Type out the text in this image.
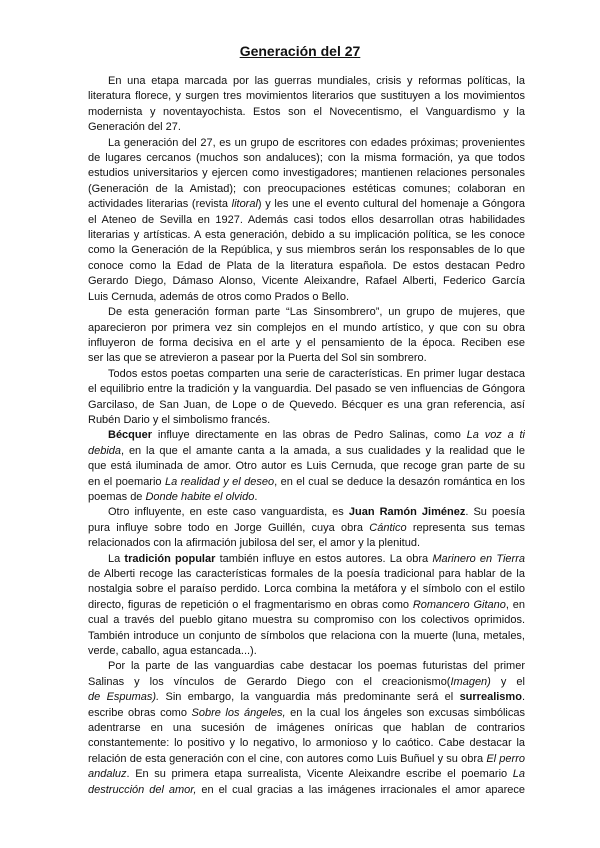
Generación del 27
En una etapa marcada por las guerras mundiales, crisis y reformas políticas, la
literatura florece, y surgen tres movimientos literarios que sustituyen a los movimientos
modernista y noventayochista. Estos son el Novecentismo, el Vanguardismo y la
Generación del 27.
La generación del 27, es un grupo de escritores con edades próximas; provenientes
de lugares cercanos (muchos son andaluces); con la misma formación, ya que todos
estudios universitarios y ejercen como investigadores; mantienen relaciones personales
(Generación de la Amistad); con preocupaciones estéticas comunes; colaboran en
actividades literarias (revista litoral) y les une el evento cultural del homenaje a Góngora
el Ateneo de Sevilla en 1927. Además casi todos ellos desarrollan otras habilidades
literarias y artísticas. A esta generación, debido a su implicación política, se les conoce
como la Generación de la República, y sus miembros serán los responsables de lo que
conoce como la Edad de Plata de la literatura española. De estos destacan Pedro
Gerardo Diego, Dámaso Alonso, Vicente Aleixandre, Rafael Alberti, Federico García
Luis Cernuda, además de otros como Prados o Bello.
De esta generación forman parte “Las Sinsombrero”, un grupo de mujeres, que
aparecieron por primera vez sin complejos en el mundo artístico, y que con su obra
influyeron de forma decisiva en el arte y el pensamiento de la época. Reciben ese
ser las que se atrevieron a pasear por la Puerta del Sol sin sombrero.
Todos estos poetas comparten una serie de características. En primer lugar destaca
el equilibrio entre la tradición y la vanguardia. Del pasado se ven influencias de Góngora
Garcilaso, de San Juan, de Lope o de Quevedo. Bécquer es una gran referencia, así
Rubén Dario y el simbolismo francés.
Bécquer influye directamente en las obras de Pedro Salinas, como La voz a ti
debida, en la que el amante canta a la amada, a sus cualidades y la realidad que le
que está iluminada de amor. Otro autor es Luis Cernuda, que recoge gran parte de su
en el poemario La realidad y el deseo, en el cual se deduce la desazón romántica en los
poemas de Donde habite el olvido.
Otro influyente, en este caso vanguardista, es Juan Ramón Jiménez. Su poesía
pura influye sobre todo en Jorge Guillén, cuya obra Cántico representa sus temas
relacionados con la afirmación jubilosa del ser, el amor y la plenitud.
La tradición popular también influye en estos autores. La obra Marinero en Tierra
de Alberti recoge las características formales de la poesía tradicional para hablar de la
nostalgia sobre el paraíso perdido. Lorca combina la metáfora y el símbolo con el estilo
directo, figuras de repetición o el fragmentarismo en obras como Romancero Gitano, en
cual a través del pueblo gitano muestra su compromiso con los colectivos oprimidos.
También introduce un conjunto de símbolos que relaciona con la muerte (luna, metales,
verde, caballo, agua estancada...).
Por la parte de las vanguardias cabe destacar los poemas futuristas del primer
Salinas y los vínculos de Gerardo Diego con el creacionismo(Imagen) y el
de Espumas). Sin embargo, la vanguardia más predominante será el surrealismo.
escribe obras como Sobre los ángeles, en la cual los ángeles son excusas simbólicas
adentrarse en una sucesión de imágenes oníricas que hablan de contrarios
constantemente: lo positivo y lo negativo, lo armonioso y lo caótico. Cabe destacar la
relación de esta generación con el cine, con autores como Luis Buñuel y su obra El perro
andaluz. En su primera etapa surrealista, Vicente Aleixandre escribe el poemario La
destrucción del amor, en el cual gracias a las imágenes irracionales el amor aparece
